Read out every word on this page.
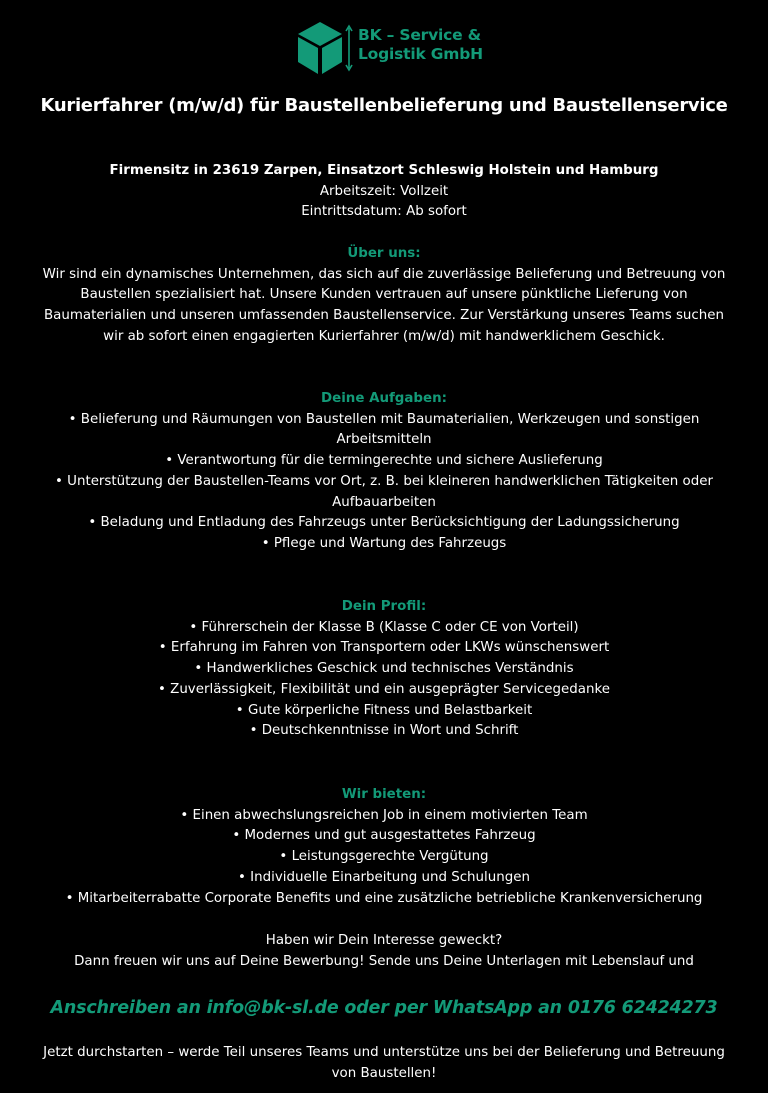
BK – Service &
Logistik GmbH
Kurierfahrer (m/w/d) für Baustellenbelieferung und Baustellenservice
Firmensitz in 23619 Zarpen, Einsatzort Schleswig Holstein und Hamburg
Arbeitszeit: Vollzeit
Eintrittsdatum: Ab sofort
Über uns:
Wir sind ein dynamisches Unternehmen, das sich auf die zuverlässige Belieferung und Betreuung von
Baustellen spezialisiert hat. Unsere Kunden vertrauen auf unsere pünktliche Lieferung von
Baumaterialien und unseren umfassenden Baustellenservice. Zur Verstärkung unseres Teams suchen
wir ab sofort einen engagierten Kurierfahrer (m/w/d) mit handwerklichem Geschick.
Deine Aufgaben:
• Belieferung und Räumungen von Baustellen mit Baumaterialien, Werkzeugen und sonstigen
Arbeitsmitteln
• Verantwortung für die termingerechte und sichere Auslieferung
• Unterstützung der Baustellen-Teams vor Ort, z. B. bei kleineren handwerklichen Tätigkeiten oder
Aufbauarbeiten
• Beladung und Entladung des Fahrzeugs unter Berücksichtigung der Ladungssicherung
• Pflege und Wartung des Fahrzeugs
Dein Profil:
• Führerschein der Klasse B (Klasse C oder CE von Vorteil)
• Erfahrung im Fahren von Transportern oder LKWs wünschenswert
• Handwerkliches Geschick und technisches Verständnis
• Zuverlässigkeit, Flexibilität und ein ausgeprägter Servicegedanke
• Gute körperliche Fitness und Belastbarkeit
• Deutschkenntnisse in Wort und Schrift
Wir bieten:
• Einen abwechslungsreichen Job in einem motivierten Team
• Modernes und gut ausgestattetes Fahrzeug
• Leistungsgerechte Vergütung
• Individuelle Einarbeitung und Schulungen
• Mitarbeiterrabatte Corporate Benefits und eine zusätzliche betriebliche Krankenversicherung
Haben wir Dein Interesse geweckt?
Dann freuen wir uns auf Deine Bewerbung! Sende uns Deine Unterlagen mit Lebenslauf und
Anschreiben an info@bk-sl.de oder per WhatsApp an 0176 62424273
Jetzt durchstarten – werde Teil unseres Teams und unterstütze uns bei der Belieferung und Betreuung
von Baustellen!
